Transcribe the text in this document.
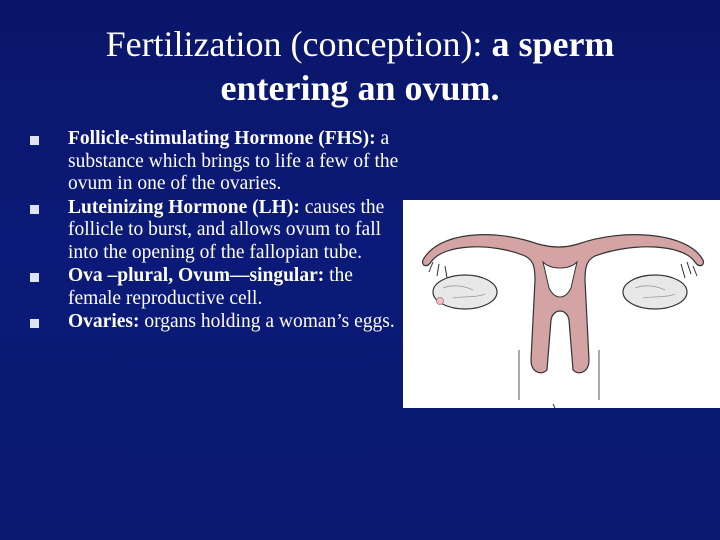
Fertilization (conception): a sperm entering an ovum.
Follicle-stimulating Hormone (FHS): a substance which brings to life a few of the ovum in one of the ovaries.
Luteinizing Hormone (LH): causes the follicle to burst, and allows ovum to fall into the opening of the fallopian tube.
Ova –plural, Ovum—singular: the female reproductive cell.
Ovaries: organs holding a woman’s eggs.
